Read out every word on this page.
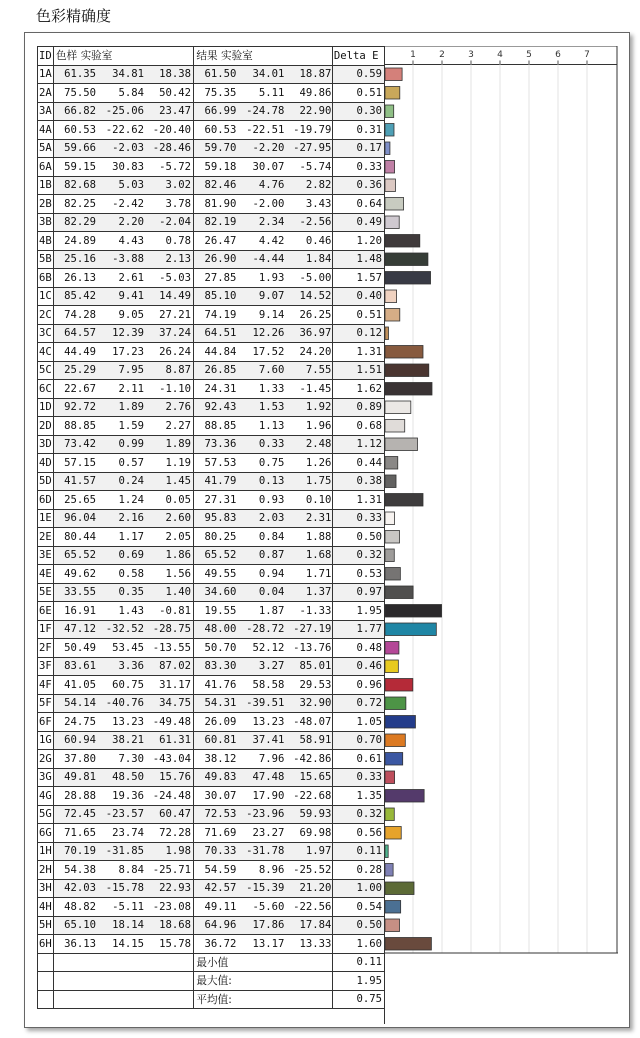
色彩精确度
ID	色样 实验室	结果 实验室	Delta E
1A	61.35 34.81 18.38	61.50 34.01 18.87	0.59
2A	75.50 5.84 50.42	75.35 5.11 49.86	0.51
3A	66.82 -25.06 23.47	66.99 -24.78 22.90	0.30
4A	60.53 -22.62 -20.40	60.53 -22.51 -19.79	0.31
5A	59.66 -2.03 -28.46	59.70 -2.20 -27.95	0.17
6A	59.15 30.83 -5.72	59.18 30.07 -5.74	0.33
1B	82.68 5.03 3.02	82.46 4.76 2.82	0.36
2B	82.25 -2.42 3.78	81.90 -2.00 3.43	0.64
3B	82.29 2.20 -2.04	82.19 2.34 -2.56	0.49
4B	24.89 4.43 0.78	26.47 4.42 0.46	1.20
5B	25.16 -3.88 2.13	26.90 -4.44 1.84	1.48
6B	26.13 2.61 -5.03	27.85 1.93 -5.00	1.57
1C	85.42 9.41 14.49	85.10 9.07 14.52	0.40
2C	74.28 9.05 27.21	74.19 9.14 26.25	0.51
3C	64.57 12.39 37.24	64.51 12.26 36.97	0.12
4C	44.49 17.23 26.24	44.84 17.52 24.20	1.31
5C	25.29 7.95 8.87	26.85 7.60 7.55	1.51
6C	22.67 2.11 -1.10	24.31 1.33 -1.45	1.62
1D	92.72 1.89 2.76	92.43 1.53 1.92	0.89
2D	88.85 1.59 2.27	88.85 1.13 1.96	0.68
3D	73.42 0.99 1.89	73.36 0.33 2.48	1.12
4D	57.15 0.57 1.19	57.53 0.75 1.26	0.44
5D	41.57 0.24 1.45	41.79 0.13 1.75	0.38
6D	25.65 1.24 0.05	27.31 0.93 0.10	1.31
1E	96.04 2.16 2.60	95.83 2.03 2.31	0.33
2E	80.44 1.17 2.05	80.25 0.84 1.88	0.50
3E	65.52 0.69 1.86	65.52 0.87 1.68	0.32
4E	49.62 0.58 1.56	49.55 0.94 1.71	0.53
5E	33.55 0.35 1.40	34.60 0.04 1.37	0.97
6E	16.91 1.43 -0.81	19.55 1.87 -1.33	1.95
1F	47.12 -32.52 -28.75	48.00 -28.72 -27.19	1.77
2F	50.49 53.45 -13.55	50.70 52.12 -13.76	0.48
3F	83.61 3.36 87.02	83.30 3.27 85.01	0.46
4F	41.05 60.75 31.17	41.76 58.58 29.53	0.96
5F	54.14 -40.76 34.75	54.31 -39.51 32.90	0.72
6F	24.75 13.23 -49.48	26.09 13.23 -48.07	1.05
1G	60.94 38.21 61.31	60.81 37.41 58.91	0.70
2G	37.80 7.30 -43.04	38.12 7.96 -42.86	0.61
3G	49.81 48.50 15.76	49.83 47.48 15.65	0.33
4G	28.88 19.36 -24.48	30.07 17.90 -22.68	1.35
5G	72.45 -23.57 60.47	72.53 -23.96 59.93	0.32
6G	71.65 23.74 72.28	71.69 23.27 69.98	0.56
1H	70.19 -31.85 1.98	70.33 -31.78 1.97	0.11
2H	54.38 8.84 -25.71	54.59 8.96 -25.52	0.28
3H	42.03 -15.78 22.93	42.57 -15.39 21.20	1.00
4H	48.82 -5.11 -23.08	49.11 -5.60 -22.56	0.54
5H	65.10 18.14 18.68	64.96 17.86 17.84	0.50
6H	36.13 14.15 15.78	36.72 13.17 13.33	1.60
		最小值	0.11
		最大值:	1.95
		平均值:	0.75
1	2	3	4	5	6	7
